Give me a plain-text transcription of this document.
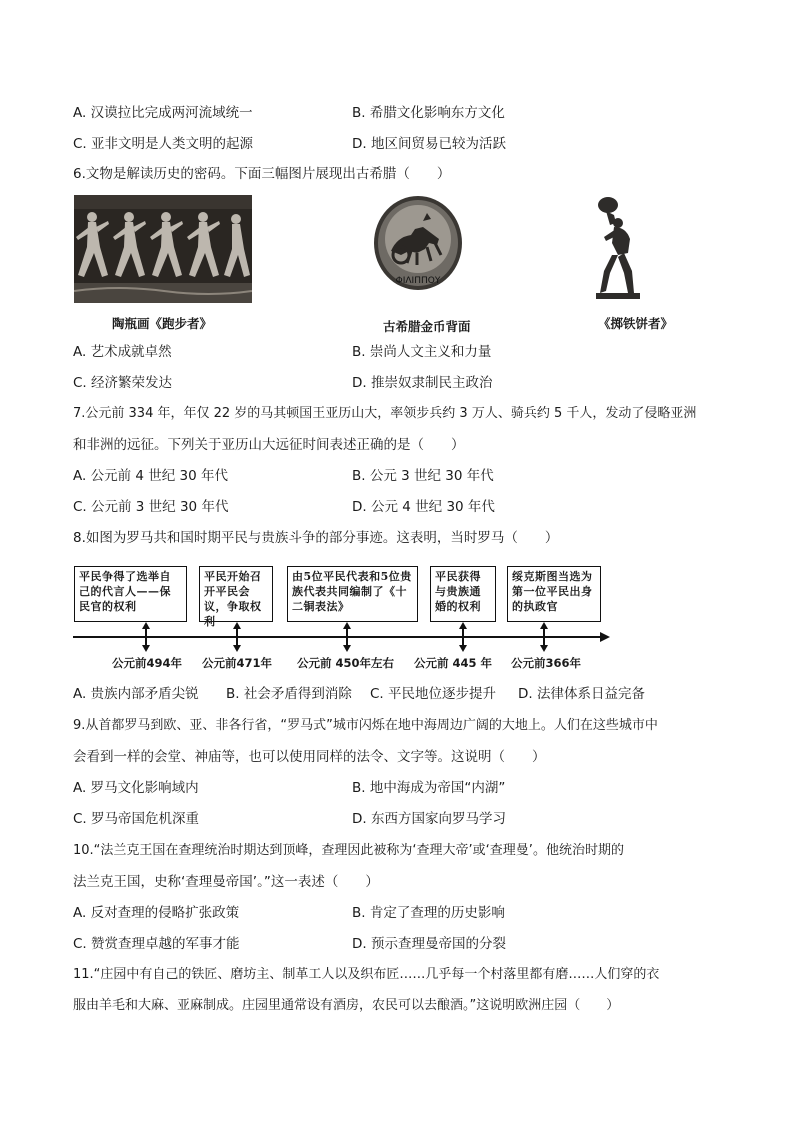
A. 汉谟拉比完成两河流域统一	B. 希腊文化影响东方文化
C. 亚非文明是人类文明的起源	D. 地区间贸易已较为活跃
6.文物是解读历史的密码。下面三幅图片展现出古希腊（　　）
陶瓶画《跑步者》
ΦΙΛΙΠΠΟΥ
古希腊金币背面	《掷铁饼者》
A. 艺术成就卓然	B. 崇尚人文主义和力量
C. 经济繁荣发达	D. 推崇奴隶制民主政治
7.公元前 334 年，年仅 22 岁的马其顿国王亚历山大，率领步兵约 3 万人、骑兵约 5 千人，发动了侵略亚洲
和非洲的远征。下列关于亚历山大远征时间表述正确的是（　　）
A. 公元前 4 世纪 30 年代	B. 公元 3 世纪 30 年代
C. 公元前 3 世纪 30 年代	D. 公元 4 世纪 30 年代
8.如图为罗马共和国时期平民与贵族斗争的部分事迹。这表明，当时罗马（　　）
平民争得了选举自己的代言人——保民官的权利
平民开始召开平民会议，争取权利
由5位平民代表和5位贵族代表共同编制了《十二铜表法》
平民获得与贵族通婚的权利
绥克斯图当选为第一位平民出身的执政官
公元前494年 公元前471年 公元前 450年左右 公元前 445 年 公元前366年
A. 贵族内部矛盾尖锐 B. 社会矛盾得到消除 C. 平民地位逐步提升 D. 法律体系日益完备
9.从首都罗马到欧、亚、非各行省，“罗马式”城市闪烁在地中海周边广阔的大地上。人们在这些城市中
会看到一样的会堂、神庙等，也可以使用同样的法令、文字等。这说明（　　）
A. 罗马文化影响域内	B. 地中海成为帝国“内湖”
C. 罗马帝国危机深重	D. 东西方国家向罗马学习
10.“法兰克王国在查理统治时期达到顶峰，查理因此被称为‘查理大帝’或‘查理曼’。他统治时期的
法兰克王国，史称‘查理曼帝国’。”这一表述（　　）
A. 反对查理的侵略扩张政策	B. 肯定了查理的历史影响
C. 赞赏查理卓越的军事才能	D. 预示查理曼帝国的分裂
11.“庄园中有自己的铁匠、磨坊主、制革工人以及织布匠……几乎每一个村落里都有磨……人们穿的衣
服由羊毛和大麻、亚麻制成。庄园里通常设有酒房，农民可以去酿酒。”这说明欧洲庄园（　　）
